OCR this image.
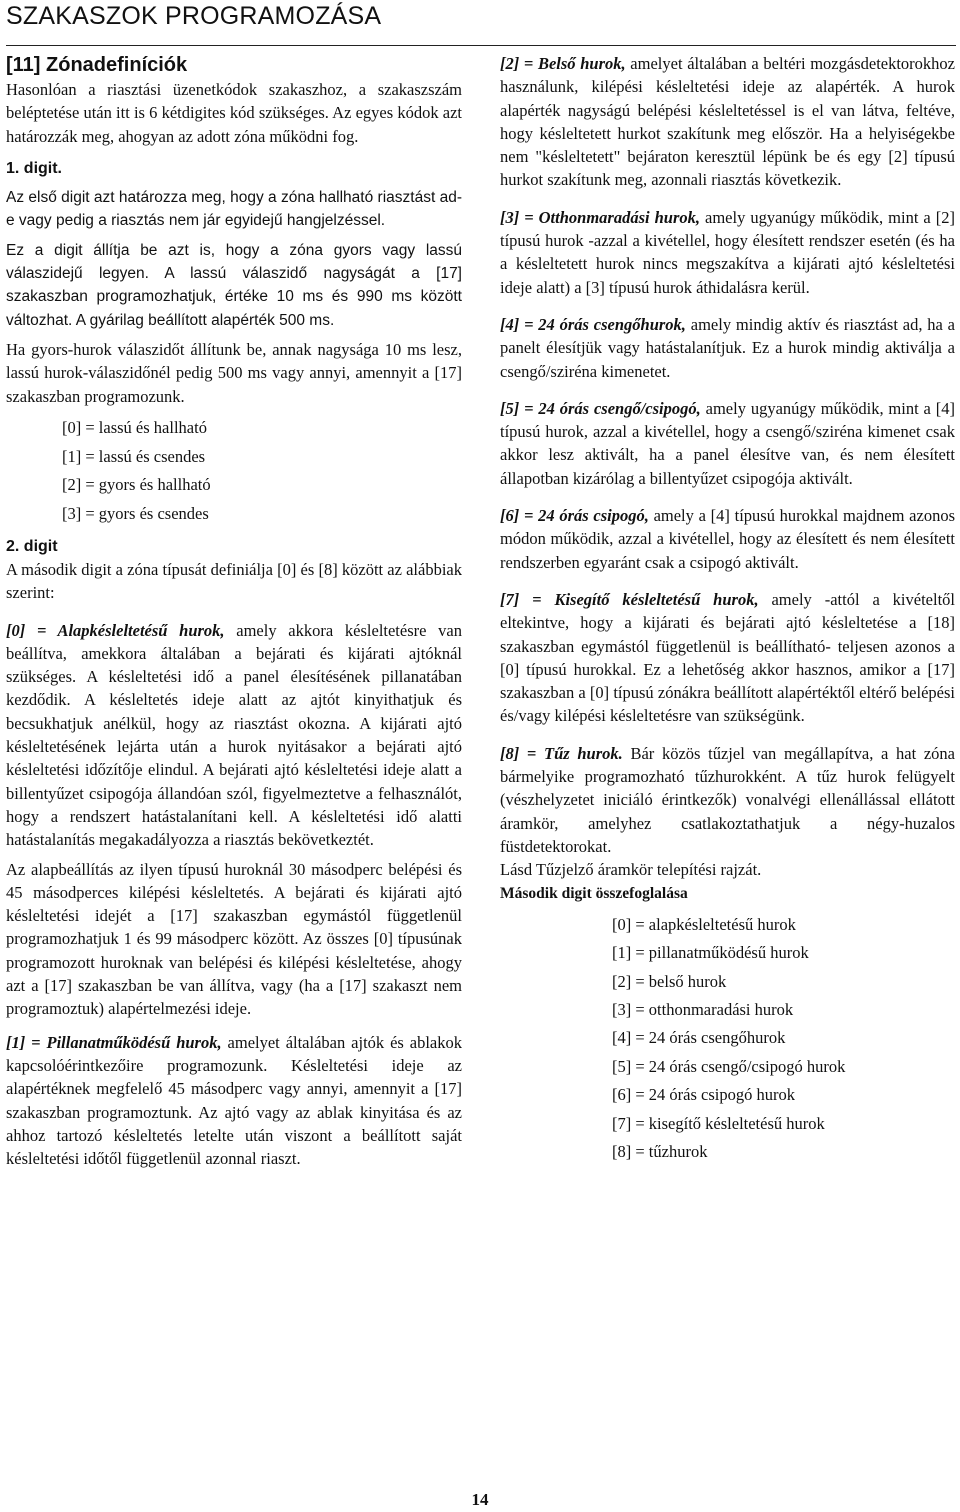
SZAKASZOK PROGRAMOZÁSA

[11] Zónadefiníciók

Hasonlóan a riasztási üzenetkódok szakaszhoz, a szakaszszám beléptetése után itt is 6 kétdigites kód szükséges. Az egyes kódok azt határozzák meg, ahogyan az adott zóna működni fog.

1. digit.

Az első digit azt határozza meg, hogy a zóna hallható riasztást ad-e vagy pedig a riasztás nem jár egyidejű hangjelzéssel.

Ez a digit állítja be azt is, hogy a zóna gyors vagy lassú válaszidejű legyen. A lassú válaszidő nagyságát a [17] szakaszban programozhatjuk, értéke 10 ms és 990 ms között változhat. A gyárilag beállított alapérték 500 ms.

Ha gyors-hurok válaszidőt állítunk be, annak nagysága 10 ms lesz, lassú hurok-válaszidőnél pedig 500 ms vagy annyi, amennyit a [17] szakaszban programozunk.

[0] = lassú és hallható
[1] = lassú és csendes
[2] = gyors és hallható
[3] = gyors és csendes

2. digit

A második digit a zóna típusát definiálja [0] és [8] között az alábbiak szerint:

[0] = Alapkésleltetésű hurok, amely akkora késleltetésre van beállítva, amekkora általában a bejárati és kijárati ajtóknál szükséges. A késleltetési idő a panel élesítésének pillanatában kezdődik. A késleltetés ideje alatt az ajtót kinyithatjuk és becsukhatjuk anélkül, hogy az riasztást okozna. A kijárati ajtó késleltetésének lejárta után a hurok nyitásakor a bejárati ajtó késleltetési időzítője elindul. A bejárati ajtó késleltetési ideje alatt a billentyűzet csipogója állandóan szól, figyelmeztetve a felhasználót, hogy a rendszert hatástalanítani kell. A késleltetési idő alatti hatástalanítás megakadályozza a riasztás bekövetkeztét.

Az alapbeállítás az ilyen típusú huroknál 30 másodperc belépési és 45 másodperces kilépési késleltetés. A bejárati és kijárati ajtó késleltetési idejét a [17] szakaszban egymástól függetlenül programozhatjuk 1 és 99 másodperc között. Az összes [0] típusúnak programozott huroknak van belépési és kilépési késleltetése, ahogy azt a [17] szakaszban be van állítva, vagy (ha a [17] szakaszt nem programoztuk) alapértelmezési ideje.

[1] = Pillanatműködésű hurok, amelyet általában ajtók és ablakok kapcsolóérintkezőire programozunk. Késleltetési ideje az alapértéknek megfelelő 45 másodperc vagy annyi, amennyit a [17] szakaszban programoztunk. Az ajtó vagy az ablak kinyitása és az ahhoz tartozó késleltetés letelte után viszont a beállított saját késleltetési időtől függetlenül azonnal riaszt.

[2] = Belső hurok, amelyet általában a beltéri mozgásdetektorokhoz használunk, kilépési késleltetési ideje az alapérték. A hurok alapérték nagyságú belépési késleltetéssel is el van látva, feltéve, hogy késleltetett hurkot szakítunk meg először. Ha a helyiségekbe nem "késleltetett" bejáraton keresztül lépünk be és egy [2] típusú hurkot szakítunk meg, azonnali riasztás következik.

[3] = Otthonmaradási hurok, amely ugyanúgy működik, mint a [2] típusú hurok -azzal a kivétellel, hogy élesített rendszer esetén (és ha a késleltetett hurok nincs megszakítva a kijárati ajtó késleltetési ideje alatt) a [3] típusú hurok áthidalásra kerül.

[4] = 24 órás csengőhurok, amely mindig aktív és riasztást ad, ha a panelt élesítjük vagy hatástalanítjuk. Ez a hurok mindig aktiválja a csengő/sziréna kimenetet.

[5] = 24 órás csengő/csipogó, amely ugyanúgy működik, mint a [4] típusú hurok, azzal a kivétellel, hogy a csengő/sziréna kimenet csak akkor lesz aktivált, ha a panel élesítve van, és nem élesített állapotban kizárólag a billentyűzet csipogója aktivált.

[6] = 24 órás csipogó, amely a [4] típusú hurokkal majdnem azonos módon működik, azzal a kivétellel, hogy az élesített és nem élesített rendszerben egyaránt csak a csipogó aktivált.

[7] = Kisegítő késleltetésű hurok, amely -attól a kivételtől eltekintve, hogy a kijárati és bejárati ajtó késleltetése a [18] szakaszban egymástól függetlenül is beállítható- teljesen azonos a [0] típusú hurokkal. Ez a lehetőség akkor hasznos, amikor a [17] szakaszban a [0] típusú zónákra beállított alapértéktől eltérő belépési és/vagy kilépési késleltetésre van szükségünk.

[8] = Tűz hurok. Bár közös tűzjel van megállapítva, a hat zóna bármelyike programozható tűzhurokként. A tűz hurok felügyelt (vészhelyzetet iniciáló érintkezők) vonalvégi ellenállással ellátott áramkör, amelyhez csatlakoztathatjuk a négy-huzalos füstdetektorokat.

Lásd Tűzjelző áramkör telepítési rajzát.

Második digit összefoglalása

[0] = alapkésleltetésű hurok
[1] = pillanatműködésű hurok
[2] = belső hurok
[3] = otthonmaradási hurok
[4] = 24 órás csengőhurok
[5] = 24 órás csengő/csipogó hurok
[6] = 24 órás csipogó hurok
[7] = kisegítő késleltetésű hurok
[8] = tűzhurok
14
